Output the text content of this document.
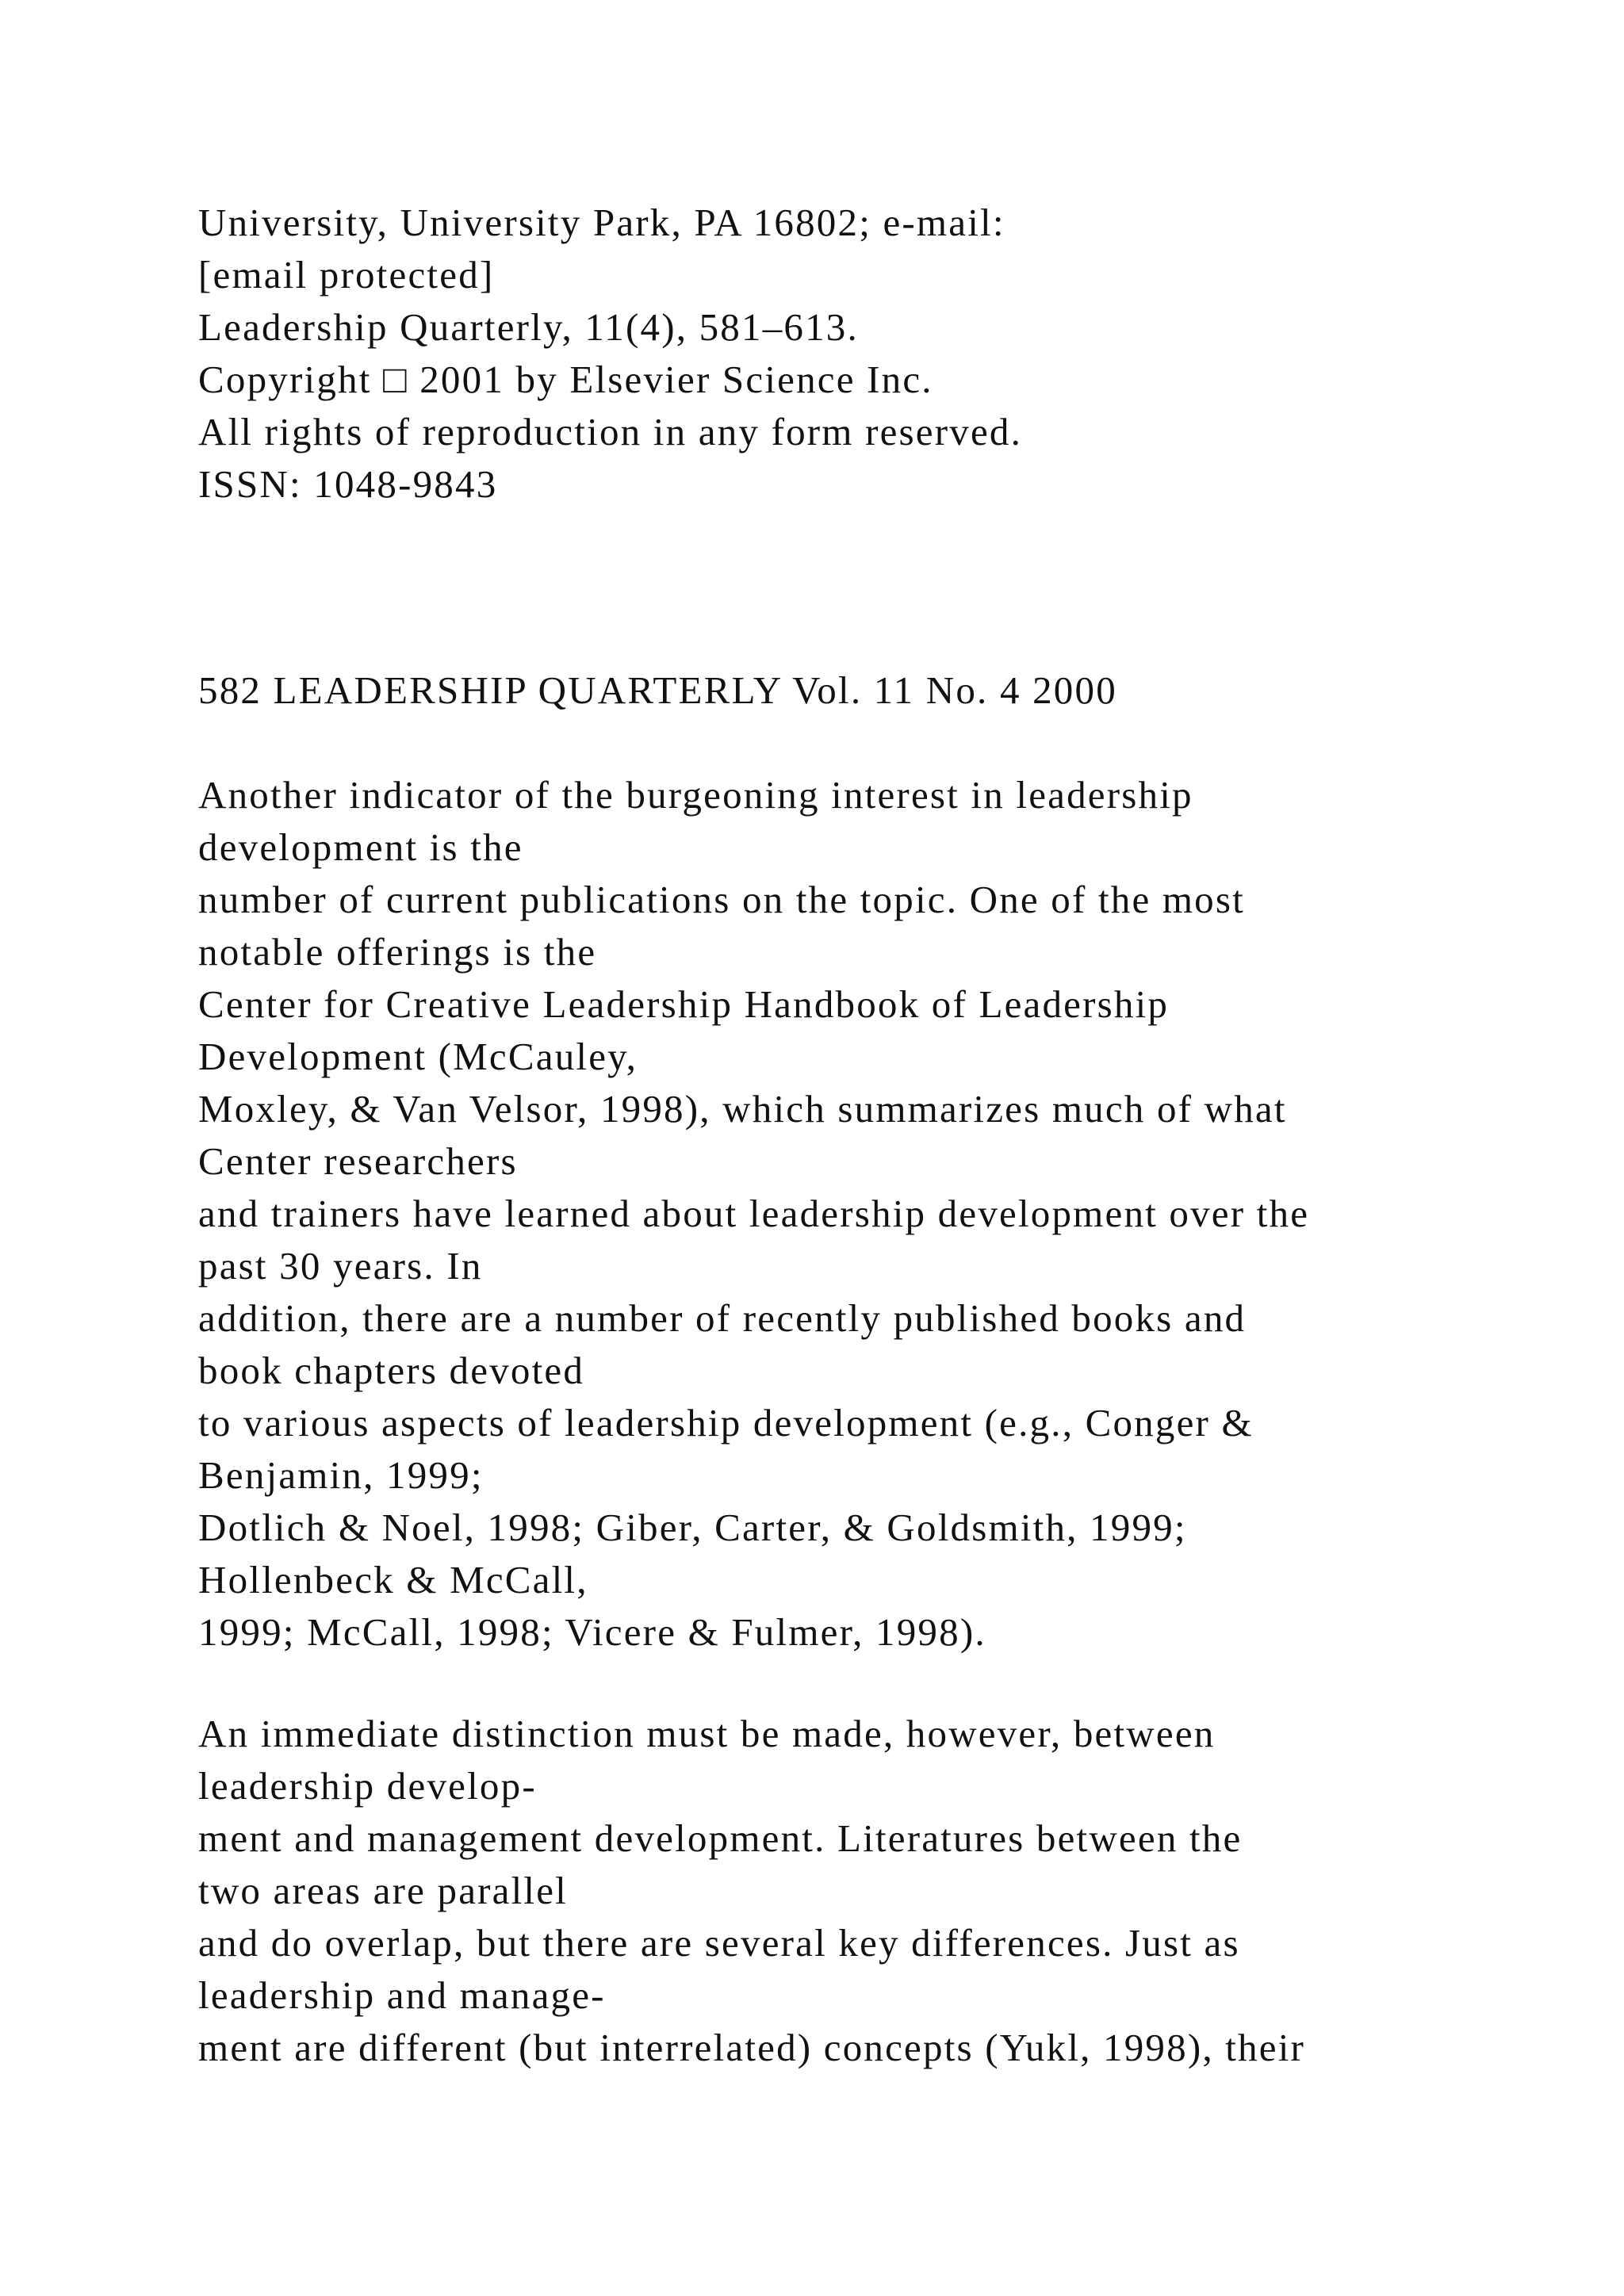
University, University Park, PA 16802; e-mail:
[email protected]
Leadership Quarterly, 11(4), 581–613.
Copyright □ 2001 by Elsevier Science Inc.
All rights of reproduction in any form reserved.
ISSN: 1048-9843
582 LEADERSHIP QUARTERLY Vol. 11 No. 4 2000
Another indicator of the burgeoning interest in leadership
development is the
number of current publications on the topic. One of the most
notable offerings is the
Center for Creative Leadership Handbook of Leadership
Development (McCauley,
Moxley, & Van Velsor, 1998), which summarizes much of what
Center researchers
and trainers have learned about leadership development over the
past 30 years. In
addition, there are a number of recently published books and
book chapters devoted
to various aspects of leadership development (e.g., Conger &
Benjamin, 1999;
Dotlich & Noel, 1998; Giber, Carter, & Goldsmith, 1999;
Hollenbeck & McCall,
1999; McCall, 1998; Vicere & Fulmer, 1998).
An immediate distinction must be made, however, between
leadership develop-
ment and management development. Literatures between the
two areas are parallel
and do overlap, but there are several key differences. Just as
leadership and manage-
ment are different (but interrelated) concepts (Yukl, 1998), their
